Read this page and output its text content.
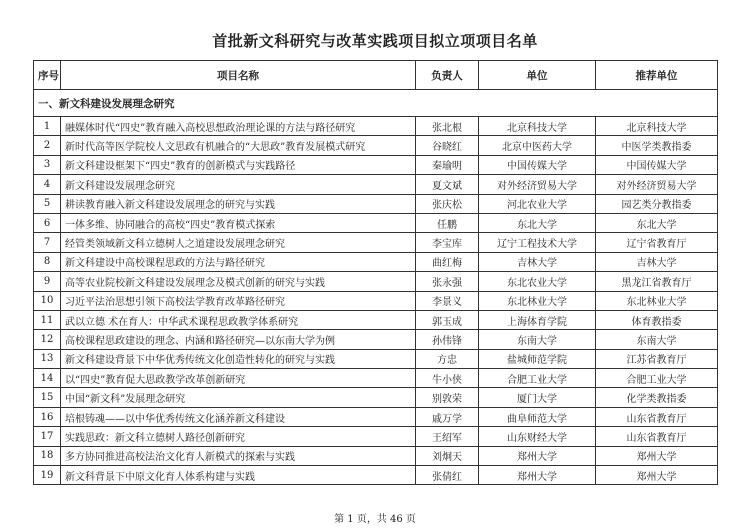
首批新文科研究与改革实践项目拟立项项目名单
序号	项目名称	负责人	单位	推荐单位
一、新文科建设发展理念研究				
1	融媒体时代“四史”教育融入高校思想政治理论课的方法与路径研究	张北根	北京科技大学	北京科技大学
2	新时代高等医学院校人文思政有机融合的“大思政”教育发展模式研究	谷晓红	北京中医药大学	中医学类教指委
3	新文科建设框架下“四史”教育的创新模式与实践路径	秦瑜明	中国传媒大学	中国传媒大学
4	新文科建设发展理念研究	夏文斌	对外经济贸易大学	对外经济贸易大学
5	耕读教育融入新文科建设发展理念的研究与实践	张庆松	河北农业大学	园艺类分教指委
6	一体多维、协同融合的高校“四史”教育模式探索	任鹏	东北大学	东北大学
7	经管类领域新文科立德树人之道建设发展理念研究	李宝库	辽宁工程技术大学	辽宁省教育厅
8	新文科建设中高校课程思政的方法与路径研究	曲红梅	吉林大学	吉林大学
9	高等农业院校新文科建设发展理念及模式创新的研究与实践	张永强	东北农业大学	黑龙江省教育厅
10	习近平法治思想引领下高校法学教育改革路径研究	李景义	东北林业大学	东北林业大学
11	武以立德 术在育人：中华武术课程思政教学体系研究	郭玉成	上海体育学院	体育教指委
12	高校课程思政建设的理念、内涵和路径研究—以东南大学为例	孙伟锋	东南大学	东南大学
13	新文科建设背景下中华优秀传统文化创造性转化的研究与实践	方忠	盐城师范学院	江苏省教育厅
14	以“四史”教育促大思政教学改革创新研究	牛小侠	合肥工业大学	合肥工业大学
15	中国“新文科”发展理念研究	别敦荣	厦门大学	化学类教指委
16	培根铸魂——以中华优秀传统文化涵养新文科建设	戚万学	曲阜师范大学	山东省教育厅
17	实践思政：新文科立德树人路径创新研究	王绍军	山东财经大学	山东省教育厅
18	多方协同推进高校法治文化育人新模式的探索与实践	刘炯天	郑州大学	郑州大学
19	新文科背景下中原文化育人体系构建与实践	张倩红	郑州大学	郑州大学
第 1 页，共 46 页
